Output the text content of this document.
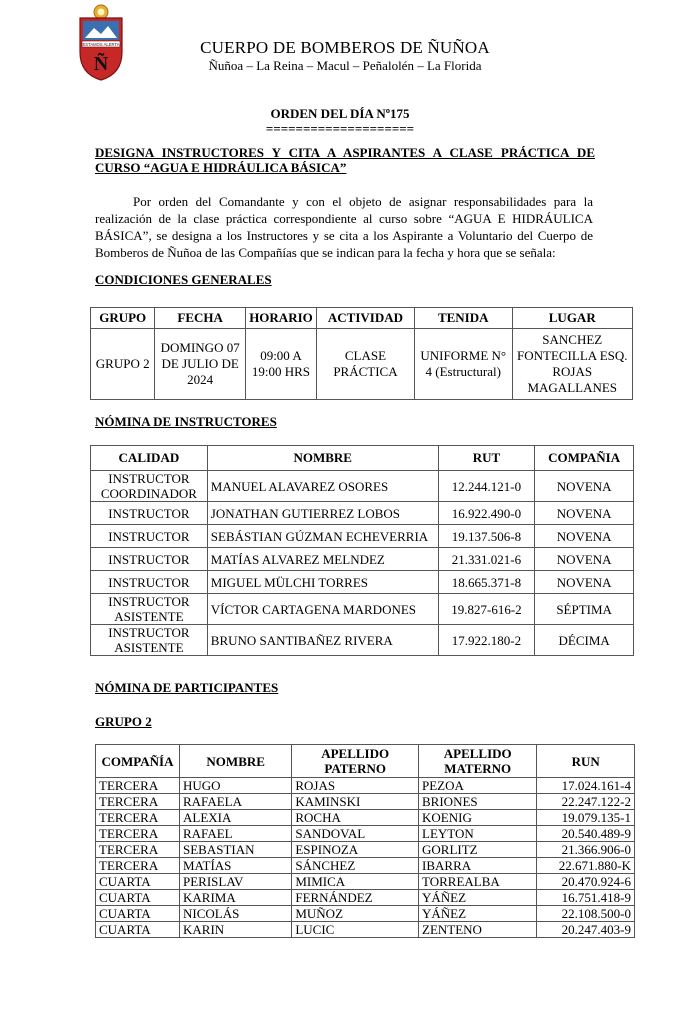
ESTAMOS ALERTA
Ñ
CUERPO DE BOMBEROS DE ÑUÑOA
Ñuñoa – La Reina – Macul – Peñalolén – La Florida
ORDEN DEL DÍA Nº175
====================
DESIGNA INSTRUCTORES Y CITA A ASPIRANTES A CLASE PRÁCTICA DE CURSO “AGUA E HIDRÁULICA BÁSICA”
Por orden del Comandante y con el objeto de asignar responsabilidades para la realización de la clase práctica correspondiente al curso sobre “AGUA E HIDRÁULICA BÁSICA”, se designa a los Instructores y se cita a los Aspirante a Voluntario del Cuerpo de Bomberos de Ñuñoa de las Compañías que se indican para la fecha y hora que se señala:
CONDICIONES GENERALES
GRUPO	FECHA	HORARIO	ACTIVIDAD	TENIDA	LUGAR
GRUPO 2	DOMINGO 07 DE JULIO DE 2024	09:00 A 19:00 HRS	CLASE PRÁCTICA	UNIFORME N° 4 (Estructural)	SANCHEZ FONTECILLA ESQ. ROJAS MAGALLANES
NÓMINA DE INSTRUCTORES
CALIDAD	NOMBRE	RUT	COMPAÑIA
INSTRUCTOR COORDINADOR	MANUEL ALAVAREZ OSORES	12.244.121-0	NOVENA
INSTRUCTOR	JONATHAN GUTIERREZ LOBOS	16.922.490-0	NOVENA
INSTRUCTOR	SEBÁSTIAN GÚZMAN ECHEVERRIA	19.137.506-8	NOVENA
INSTRUCTOR	MATÍAS ALVAREZ MELNDEZ	21.331.021-6	NOVENA
INSTRUCTOR	MIGUEL MÜLCHI TORRES	18.665.371-8	NOVENA
INSTRUCTOR ASISTENTE	VÍCTOR CARTAGENA MARDONES	19.827-616-2	SÉPTIMA
INSTRUCTOR ASISTENTE	BRUNO SANTIBAÑEZ RIVERA	17.922.180-2	DÉCIMA
NÓMINA DE PARTICIPANTES
GRUPO 2
COMPAÑÍA	NOMBRE	APELLIDO PATERNO	APELLIDO MATERNO	RUN
TERCERA	HUGO	ROJAS	PEZOA	17.024.161-4
TERCERA	RAFAELA	KAMINSKI	BRIONES	22.247.122-2
TERCERA	ALEXIA	ROCHA	KOENIG	19.079.135-1
TERCERA	RAFAEL	SANDOVAL	LEYTON	20.540.489-9
TERCERA	SEBASTIAN	ESPINOZA	GORLITZ	21.366.906-0
TERCERA	MATÍAS	SÁNCHEZ	IBARRA	22.671.880-K
CUARTA	PERISLAV	MIMICA	TORREALBA	20.470.924-6
CUARTA	KARIMA	FERNÁNDEZ	YÁÑEZ	16.751.418-9
CUARTA	NICOLÁS	MUÑOZ	YÁÑEZ	22.108.500-0
CUARTA	KARIN	LUCIC	ZENTENO	20.247.403-9
